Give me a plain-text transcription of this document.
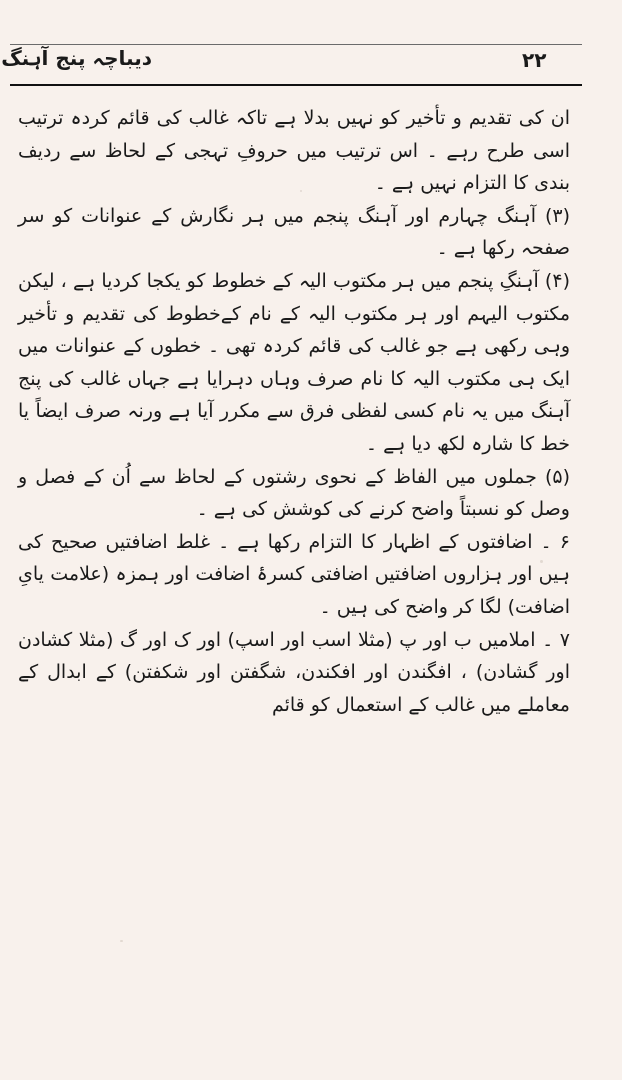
دیباچہ پنج آہنگ	۲۲

ان کی تقدیم و تأخیر کو نہیں بدلا ہے تاکہ غالب کی قائم کردہ ترتیب اسی طرح رہے ۔ اس ترتیب میں حروفِ تہجی کے لحاظ سے ردیف بندی کا التزام نہیں ہے ۔

(۳) آہنگ چہارم اور آہنگ پنجم میں ہر نگارش کے عنوانات کو سر صفحہ رکھا ہے ۔

(۴) آہنگِ پنجم میں ہر مکتوب الیہ کے خطوط کو یکجا کردیا ہے ، لیکن مکتوب الیہم اور ہر مکتوب الیہ کے نام کےخطوط کی تقدیم و تأخیر وہی رکھی ہے جو غالب کی قائم کردہ تھی ۔ خطوں کے عنوانات میں ایک ہی مکتوب الیہ کا نام صرف وہاں دہرایا ہے جہاں غالب کی پنج آہنگ میں یہ نام کسی لفظی فرق سے مکرر آیا ہے ورنہ صرف ایضاً یا خط کا شارہ لکھ دیا ہے ۔

(۵) جملوں میں الفاظ کے نحوی رشتوں کے لحاظ سے اُن کے فصل و وصل کو نسبتاً واضح کرنے کی کوشش کی ہے ۔

۶ ۔ اضافتوں کے اظہار کا التزام رکھا ہے ۔ غلط اضافتیں صحیح کی ہیں اور ہزاروں اضافتیں اضافتی کسرۂ اضافت اور ہمزہ (علامت یایِ اضافت) لگا کر واضح کی ہیں ۔

۷ ۔ املامیں ب اور پ (مثلا اسب اور اسپ) اور ک اور گ (مثلا کشادن اور گشادن) ، افگندن اور افکندن، شگفتن اور شکفتن) کے ابدال کے معاملے میں غالب کے استعمال کو قائم
